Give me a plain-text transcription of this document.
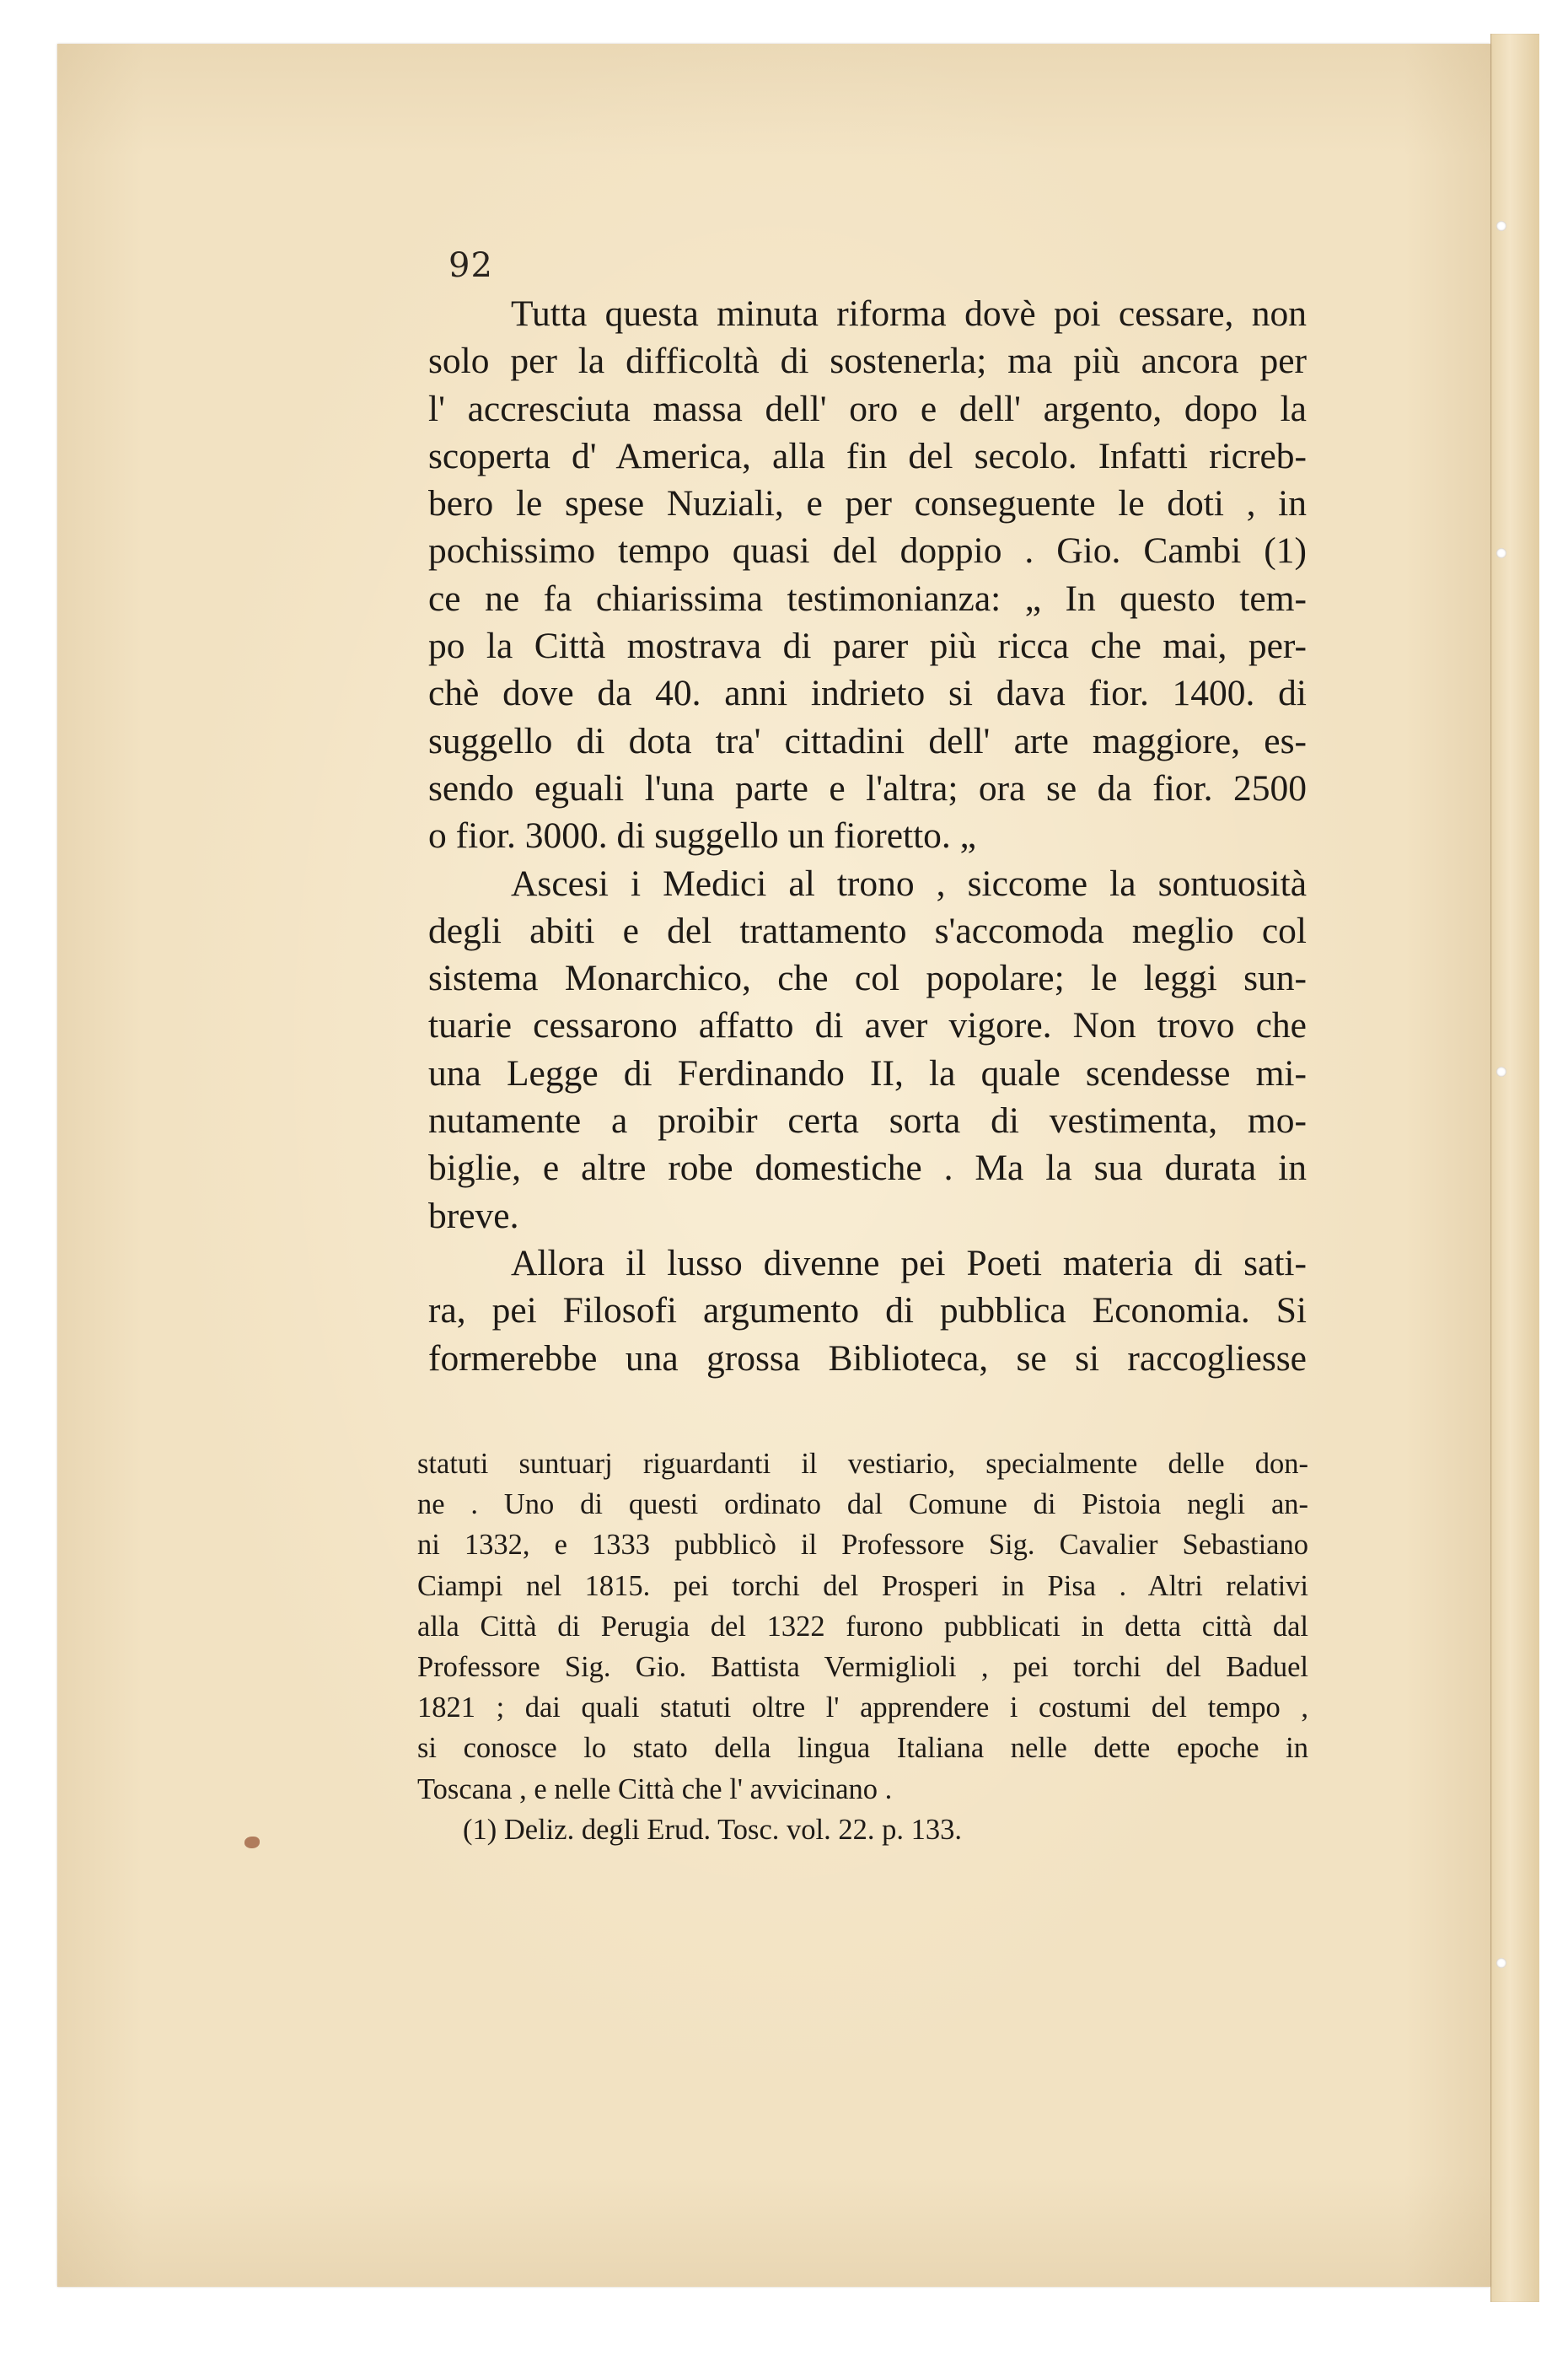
92
Tutta questa minuta riforma dovè poi cessare, non
solo per la difficoltà di sostenerla; ma più ancora per
l' accresciuta massa dell' oro e dell' argento, dopo la
scoperta d' America, alla fin del secolo. Infatti ricreb-
bero le spese Nuziali, e per conseguente le doti , in
pochissimo tempo quasi del doppio . Gio. Cambi (1)
ce ne fa chiarissima testimonianza: „ In questo tem-
po la Città mostrava di parer più ricca che mai, per-
chè dove da 40. anni indrieto si dava fior. 1400. di
suggello di dota tra' cittadini dell' arte maggiore, es-
sendo eguali l'una parte e l'altra; ora se da fior. 2500
o fior. 3000. di suggello un fioretto. „
Ascesi i Medici al trono , siccome la sontuosità
degli abiti e del trattamento s'accomoda meglio col
sistema Monarchico, che col popolare; le leggi sun-
tuarie cessarono affatto di aver vigore. Non trovo che
una Legge di Ferdinando II, la quale scendesse mi-
nutamente a proibir certa sorta di vestimenta, mo-
biglie, e altre robe domestiche . Ma la sua durata in
breve.
Allora il lusso divenne pei Poeti materia di sati-
ra, pei Filosofi argumento di pubblica Economia. Si
formerebbe una grossa Biblioteca, se si raccogliesse
statuti suntuarj riguardanti il vestiario, specialmente delle don-
ne . Uno di questi ordinato dal Comune di Pistoia negli an-
ni 1332, e 1333 pubblicò il Professore Sig. Cavalier Sebastiano
Ciampi nel 1815. pei torchi del Prosperi in Pisa . Altri relativi
alla Città di Perugia del 1322 furono pubblicati in detta città dal
Professore Sig. Gio. Battista Vermiglioli , pei torchi del Baduel
1821 ; dai quali statuti oltre l' apprendere i costumi del tempo ,
si conosce lo stato della lingua Italiana nelle dette epoche in
Toscana , e nelle Città che l' avvicinano .
(1) Deliz. degli Erud. Tosc. vol. 22. p. 133.
